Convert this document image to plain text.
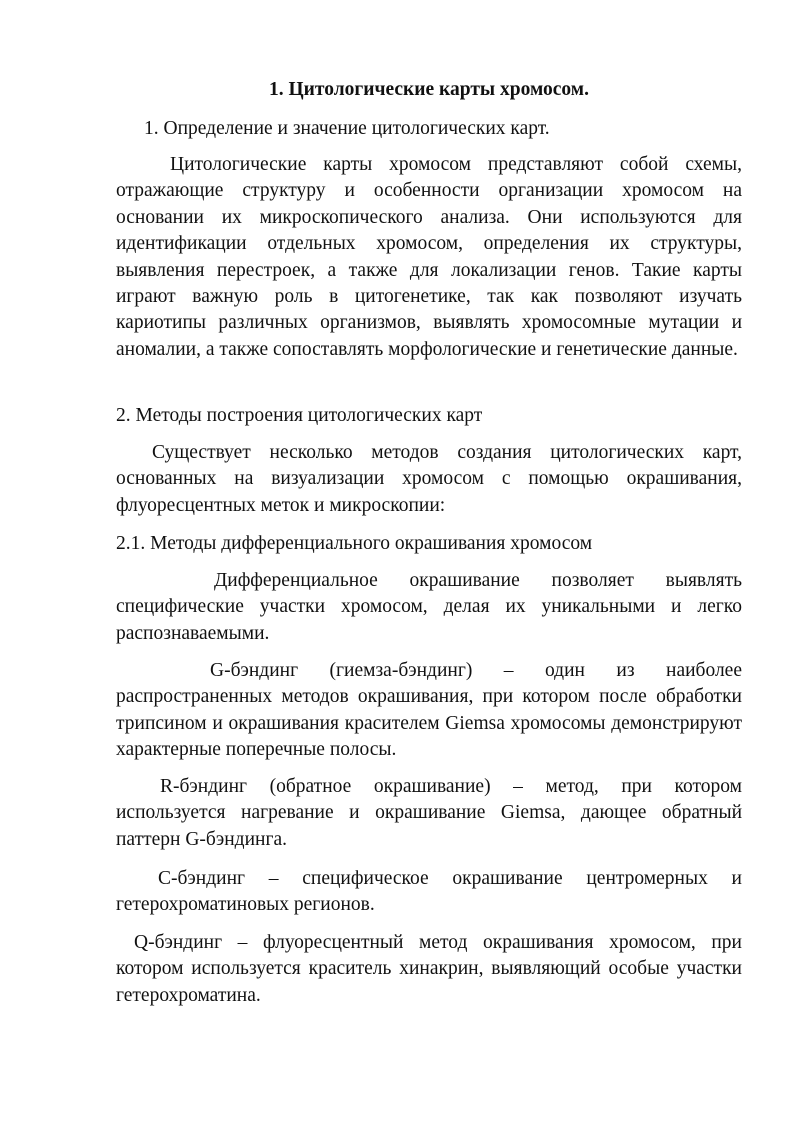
1. Цитологические карты хромосом.

1. Определение и значение цитологических карт.

Цитологические карты хромосом представляют собой схемы, отражающие структуру и особенности организации хромосом на основании их микроскопического анализа. Они используются для идентификации отдельных хромосом, определения их структуры, выявления перестроек, а также для локализации генов. Такие карты играют важную роль в цитогенетике, так как позволяют изучать кариотипы различных организмов, выявлять хромосомные мутации и аномалии, а также сопоставлять морфологические и генетические данные.

2. Методы построения цитологических карт

Существует несколько методов создания цитологических карт, основанных на визуализации хромосом с помощью окрашивания, флуоресцентных меток и микроскопии:

2.1. Методы дифференциального окрашивания хромосом

Дифференциальное окрашивание позволяет выявлять специфические участки хромосом, делая их уникальными и легко распознаваемыми.

G-бэндинг (гиемза-бэндинг) – один из наиболее распространенных методов окрашивания, при котором после обработки трипсином и окрашивания красителем Giemsa хромосомы демонстрируют характерные поперечные полосы.

R-бэндинг (обратное окрашивание) – метод, при котором используется нагревание и окрашивание Giemsa, дающее обратный паттерн G-бэндинга.

C-бэндинг – специфическое окрашивание центромерных и гетерохроматиновых регионов.

Q-бэндинг – флуоресцентный метод окрашивания хромосом, при котором используется краситель хинакрин, выявляющий особые участки гетерохроматина.
